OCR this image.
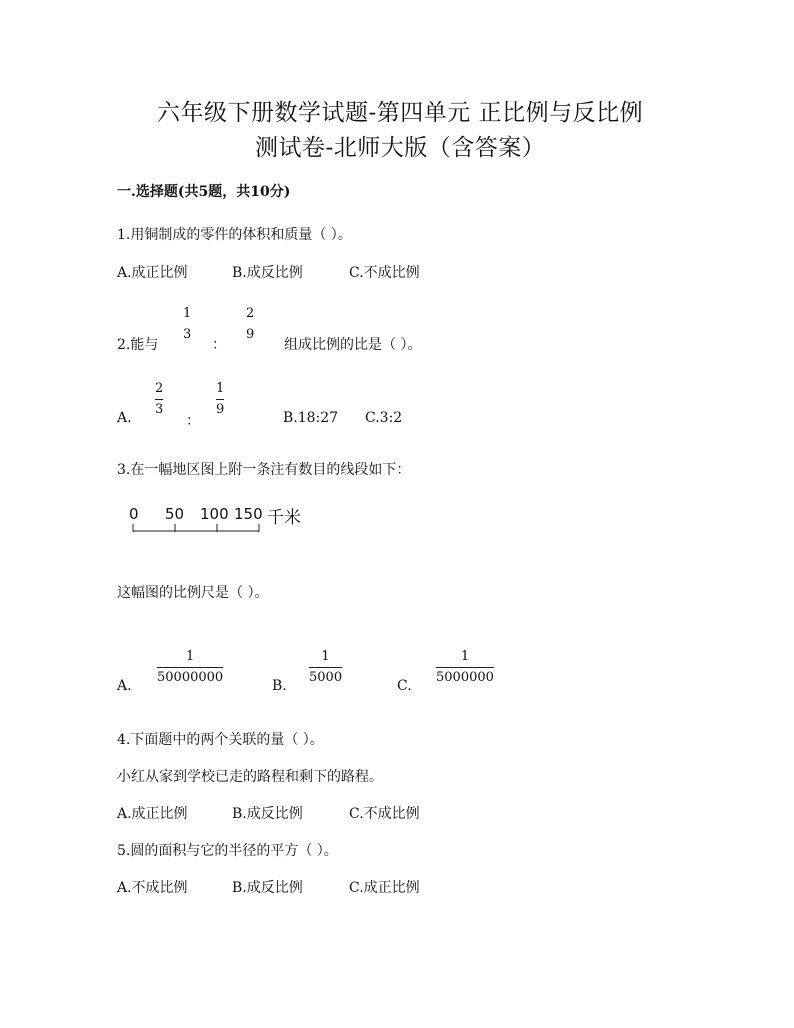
六年级下册数学试题-第四单元 正比例与反比例
测试卷-北师大版（含答案）
一.选择题(共5题，共10分)
1.用铜制成的零件的体积和质量（ ）。
A.成正比例	B.成反比例	C.不成比例
2.能与
1
3
：
2
9
组成比例的比是（ ）。
A.
2
3
：
1
9
B.18:27 C.3:2
3.在一幅地区图上附一条注有数目的线段如下：
0 50 100 150 千米
这幅图的比例尺是（ ）。
A.
1
50000000
B.
1
5000
C.
1
5000000
4.下面题中的两个关联的量（ ）。
小红从家到学校已走的路程和剩下的路程。
A.成正比例	B.成反比例	C.不成比例
5.圆的面积与它的半径的平方（ ）。
A.不成比例	B.成反比例	C.成正比例
